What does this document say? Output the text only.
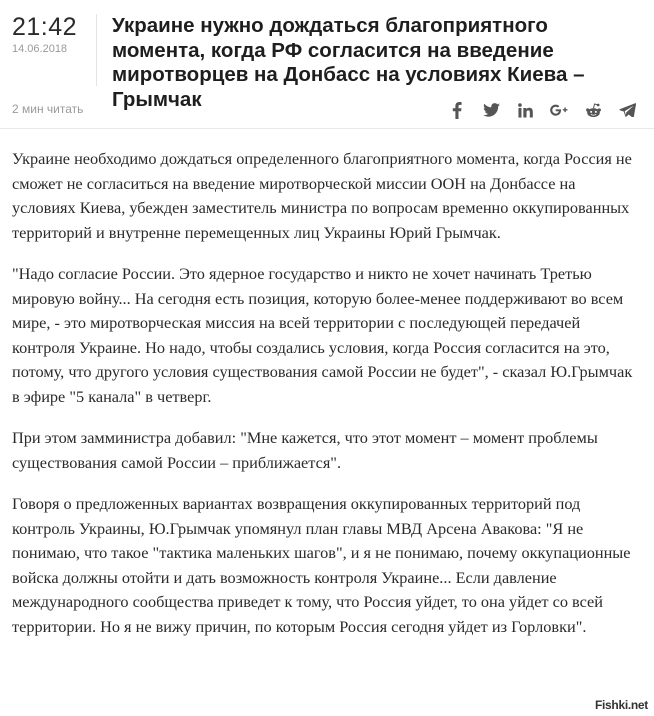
21:42
14.06.2018
Украине нужно дождаться благоприятного момента, когда РФ согласится на введение миротворцев на Донбасс на условиях Киева – Грымчак
2 мин читать

Украине необходимо дождаться определенного благоприятного момента, когда Россия не сможет не согласиться на введение миротворческой миссии ООН на Донбассе на условиях Киева, убежден заместитель министра по вопросам временно оккупированных территорий и внутренне перемещенных лиц Украины Юрий Грымчак.

"Надо согласие России. Это ядерное государство и никто не хочет начинать Третью мировую войну... На сегодня есть позиция, которую более-менее поддерживают во всем мире, - это миротворческая миссия на всей территории с последующей передачей контроля Украине. Но надо, чтобы создались условия, когда Россия согласится на это, потому, что другого условия существования самой России не будет", - сказал Ю.Грымчак в эфире "5 канала" в четверг.

При этом замминистра добавил: "Мне кажется, что этот момент – момент проблемы существования самой России – приближается".

Говоря о предложенных вариантах возвращения оккупированных территорий под контроль Украины, Ю.Грымчак упомянул план главы МВД Арсена Авакова: "Я не понимаю, что такое "тактика маленьких шагов", и я не понимаю, почему оккупационные войска должны отойти и дать возможность контроля Украине... Если давление международного сообщества приведет к тому, что Россия уйдет, то она уйдет со всей территории. Но я не вижу причин, по которым Россия сегодня уйдет из Горловки".

Fishki.net
